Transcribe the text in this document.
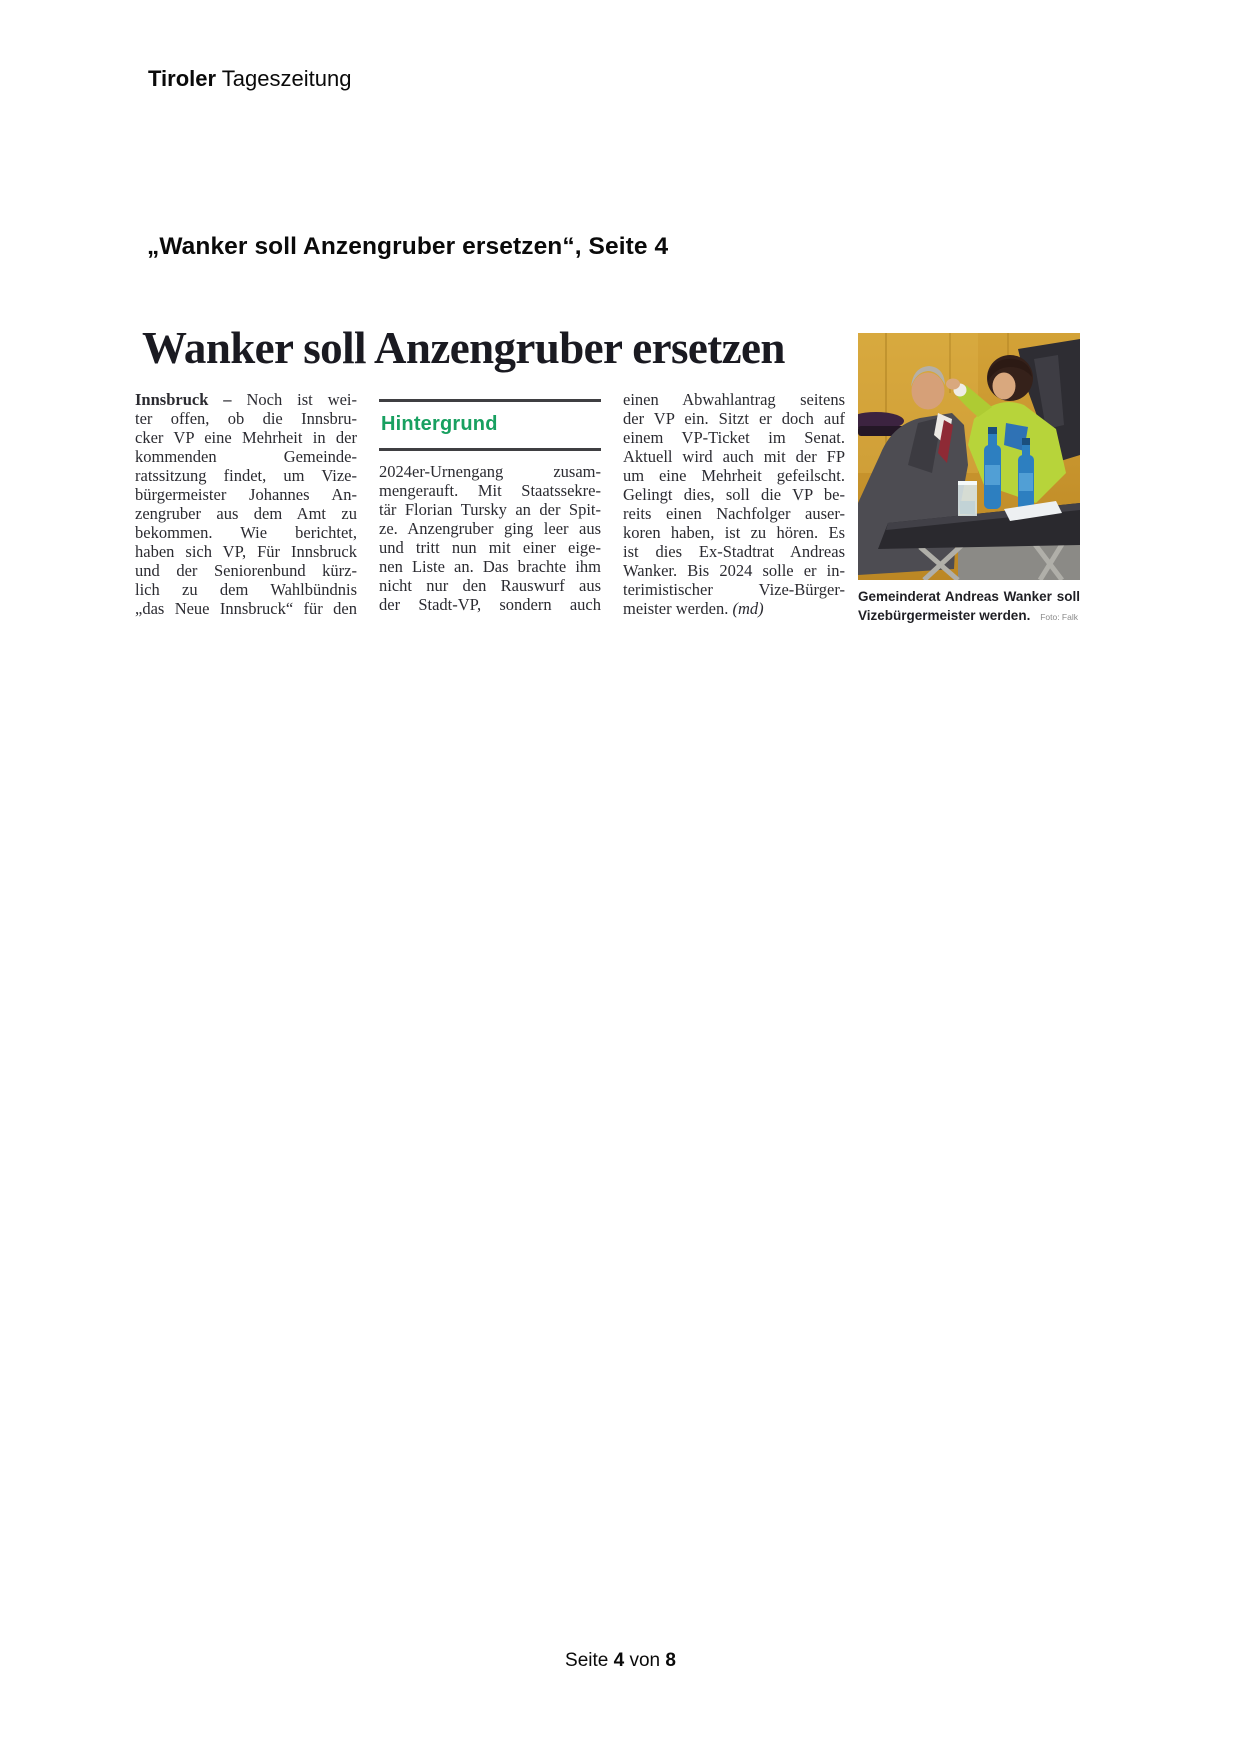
Tiroler Tageszeitung
„Wanker soll Anzengruber ersetzen“, Seite 4
Wanker soll Anzengruber ersetzen
Innsbruck – Noch ist wei-
ter offen, ob die Innsbru-
cker VP eine Mehrheit in der
kommenden Gemeinde-
ratssitzung findet, um Vize-
bürgermeister Johannes An-
zengruber aus dem Amt zu
bekommen. Wie berichtet,
haben sich VP, Für Innsbruck
und der Seniorenbund kürz-
lich zu dem Wahlbündnis
„das Neue Innsbruck“ für den
Hintergrund
2024er-Urnengang zusam-
mengerauft. Mit Staatssekre-
tär Florian Tursky an der Spit-
ze. Anzengruber ging leer aus
und tritt nun mit einer eige-
nen Liste an. Das brachte ihm
nicht nur den Rauswurf aus
der Stadt-VP, sondern auch
einen Abwahlantrag seitens
der VP ein. Sitzt er doch auf
einem VP-Ticket im Senat.
Aktuell wird auch mit der FP
um eine Mehrheit gefeilscht.
Gelingt dies, soll die VP be-
reits einen Nachfolger auser-
koren haben, ist zu hören. Es
ist dies Ex-Stadtrat Andreas
Wanker. Bis 2024 solle er in-
terimistischer Vize-Bürger-
meister werden. (md)
Gemeinderat Andreas Wanker soll
Vizebürgermeister werden. Foto: Falk
Seite 4 von 8
